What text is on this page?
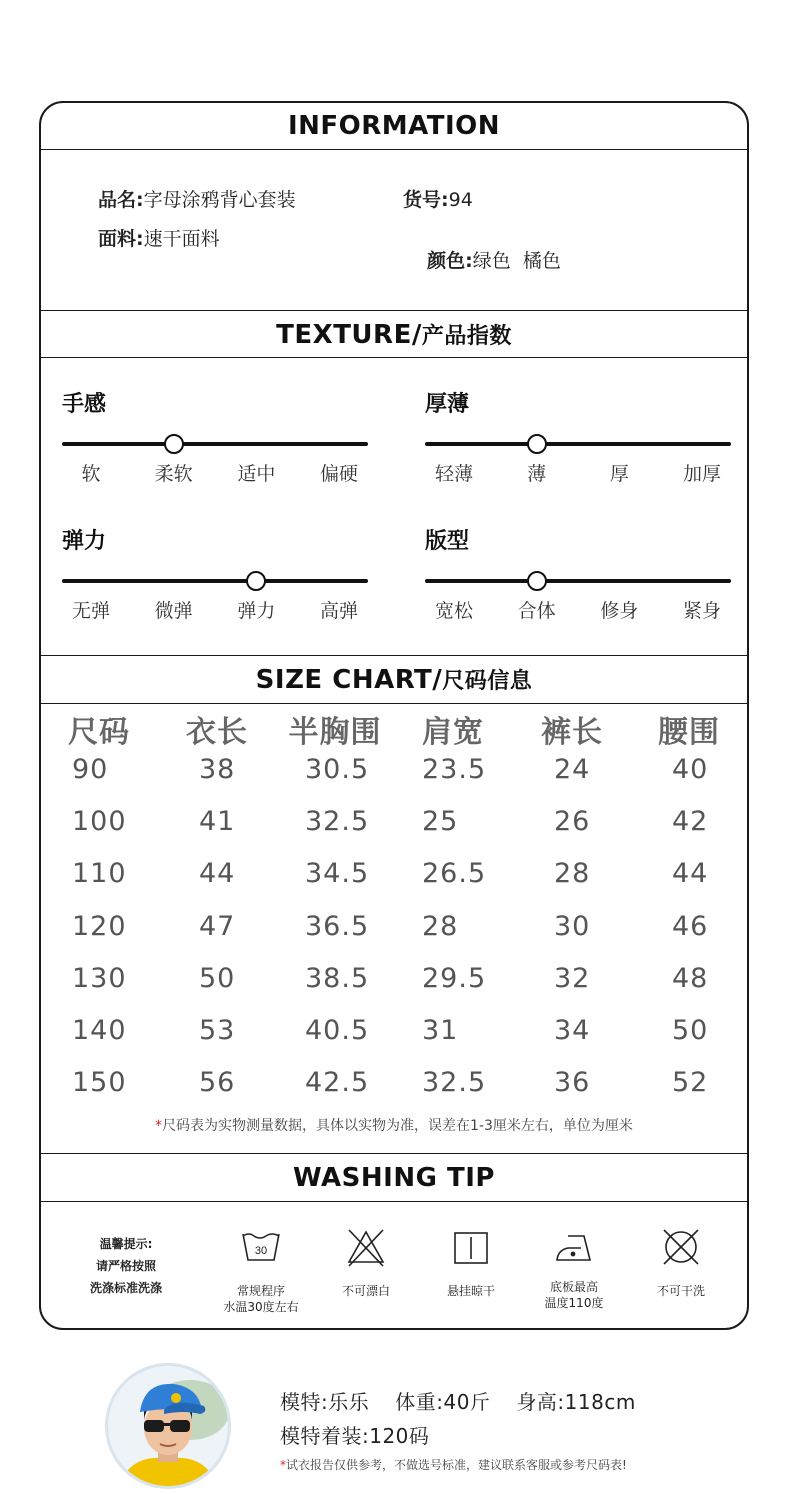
INFORMATION
品名:字母涂鸦背心套装	货号:94
面料:速干面料

颜色:绿色  橘色

TEXTURE/产品指数
手感
软	柔软 适中 偏硬
厚薄
轻薄	薄	厚	加厚
弹力
无弹 微弹 弹力 高弹
版型
宽松 合体 修身 紧身
SIZE CHART/尺码信息
尺码 衣长 半胸围 肩宽 裤长 腰围
90	38	30.5 23.5	24	40
100	41	32.5 25	26	42
110	44	34.5 26.5	28	44
120	47	36.5 28	30	46
130	50	38.5 29.5	32	48
140	53	40.5 31	34	50
150	56	42.5 32.5	36	52
*尺码表为实物测量数据，具体以实物为准，误差在1-3厘米左右，单位为厘米
WASHING TIP
温馨提示:
请严格按照
洗涤标准洗涤
30
常规程序
水温30度左右
不可漂白	悬挂晾干	底板最高
温度110度
不可干洗
模特:乐乐 体重:40斤 身高:118cm
模特着装:120码
*试衣报告仅供参考，不做选号标准，建议联系客服或参考尺码表!
